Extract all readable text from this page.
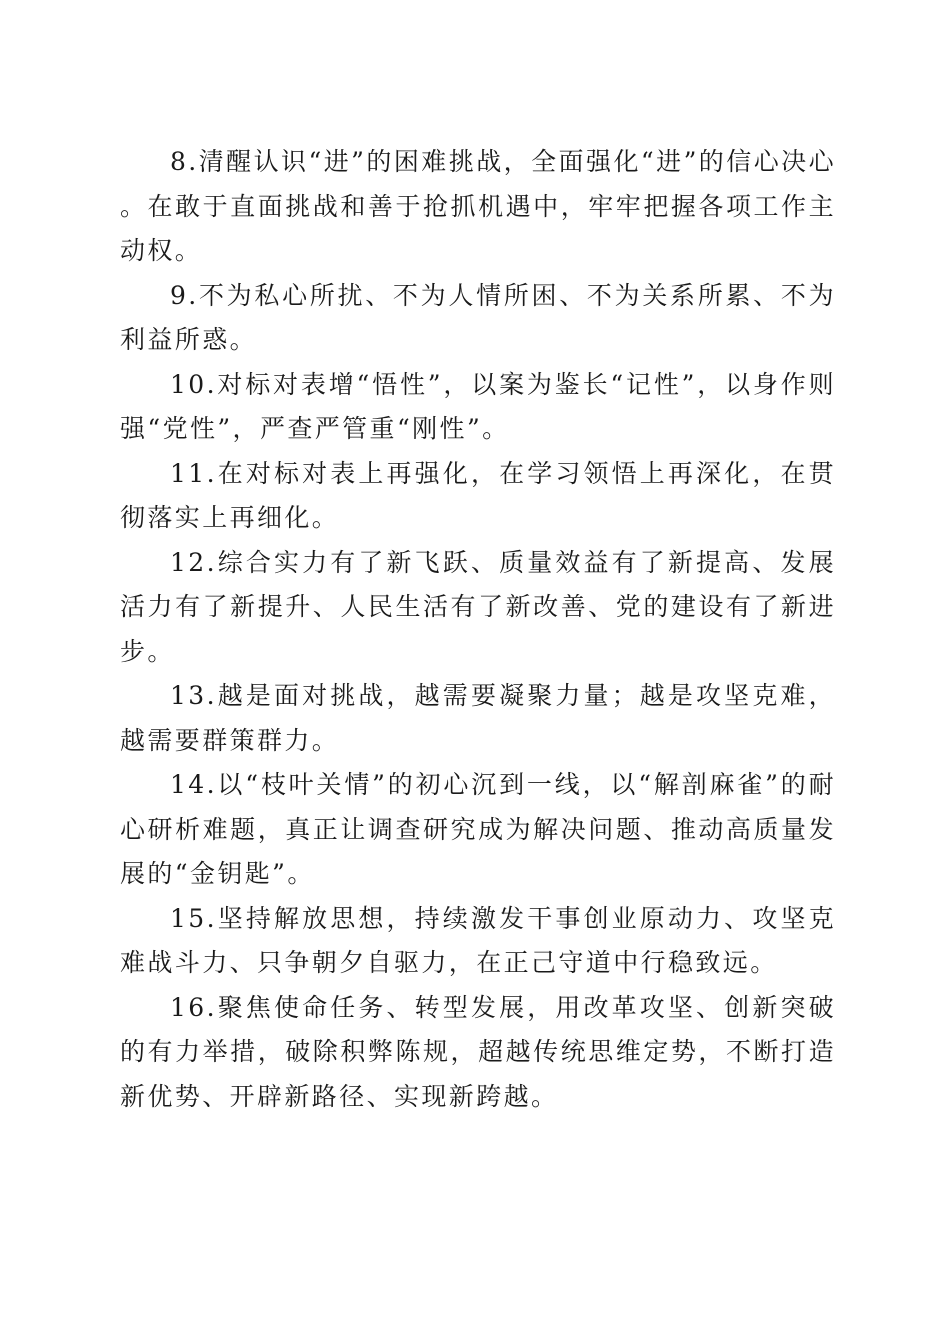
8.清醒认识“进”的困难挑战，全面强化“进”的信心决心。在敢于直面挑战和善于抢抓机遇中，牢牢把握各项工作主动权。

9.不为私心所扰、不为人情所困、不为关系所累、不为利益所惑。

10.对标对表增“悟性”，以案为鉴长“记性”，以身作则强“党性”，严查严管重“刚性”。

11.在对标对表上再强化，在学习领悟上再深化，在贯彻落实上再细化。

12.综合实力有了新飞跃、质量效益有了新提高、发展活力有了新提升、人民生活有了新改善、党的建设有了新进步。

13.越是面对挑战，越需要凝聚力量；越是攻坚克难，越需要群策群力。

14.以“枝叶关情”的初心沉到一线，以“解剖麻雀”的耐心研析难题，真正让调查研究成为解决问题、推动高质量发展的“金钥匙”。

15.坚持解放思想，持续激发干事创业原动力、攻坚克难战斗力、只争朝夕自驱力，在正己守道中行稳致远。

16.聚焦使命任务、转型发展，用改革攻坚、创新突破的有力举措，破除积弊陈规，超越传统思维定势，不断打造新优势、开辟新路径、实现新跨越。
